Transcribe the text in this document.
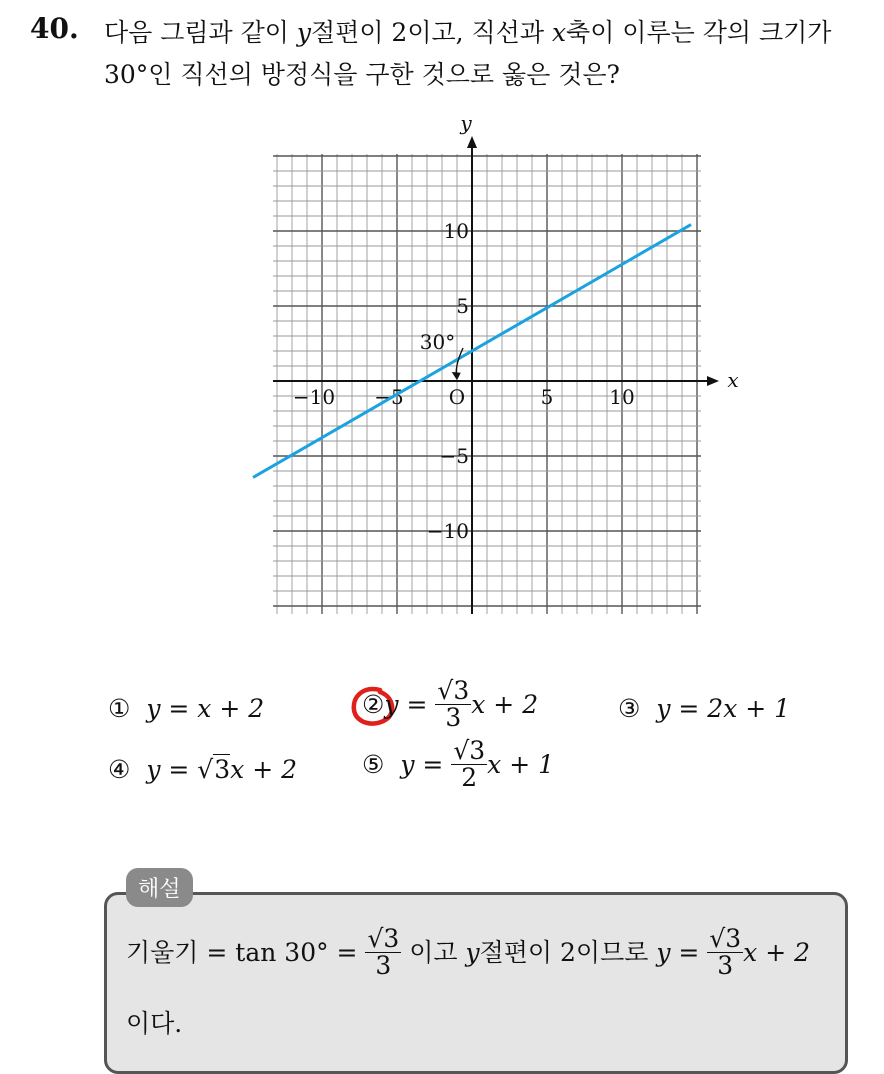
40. 다음 그림과 같이 y절편이 2이고, 직선과 x축이 이루는 각의 크기가
30°인 직선의 방정식을 구한 것으로 옳은 것은?
x
y
O
−10 −5	5	10
10
5
−5
−10
30°
① y = x + 2	②y = $\frac{√3}{3}$ x + 2	③ y = 2x + 1
④ y = √3x + 2	⑤ $y = \frac{√3}{2}$ x + 1
해설
기울기 = $\tan 30^\circ = \frac{√3}{3}$ 이고 y절편이 2이므로 $y = \frac{√3}{3}$ x + 2
이다.
